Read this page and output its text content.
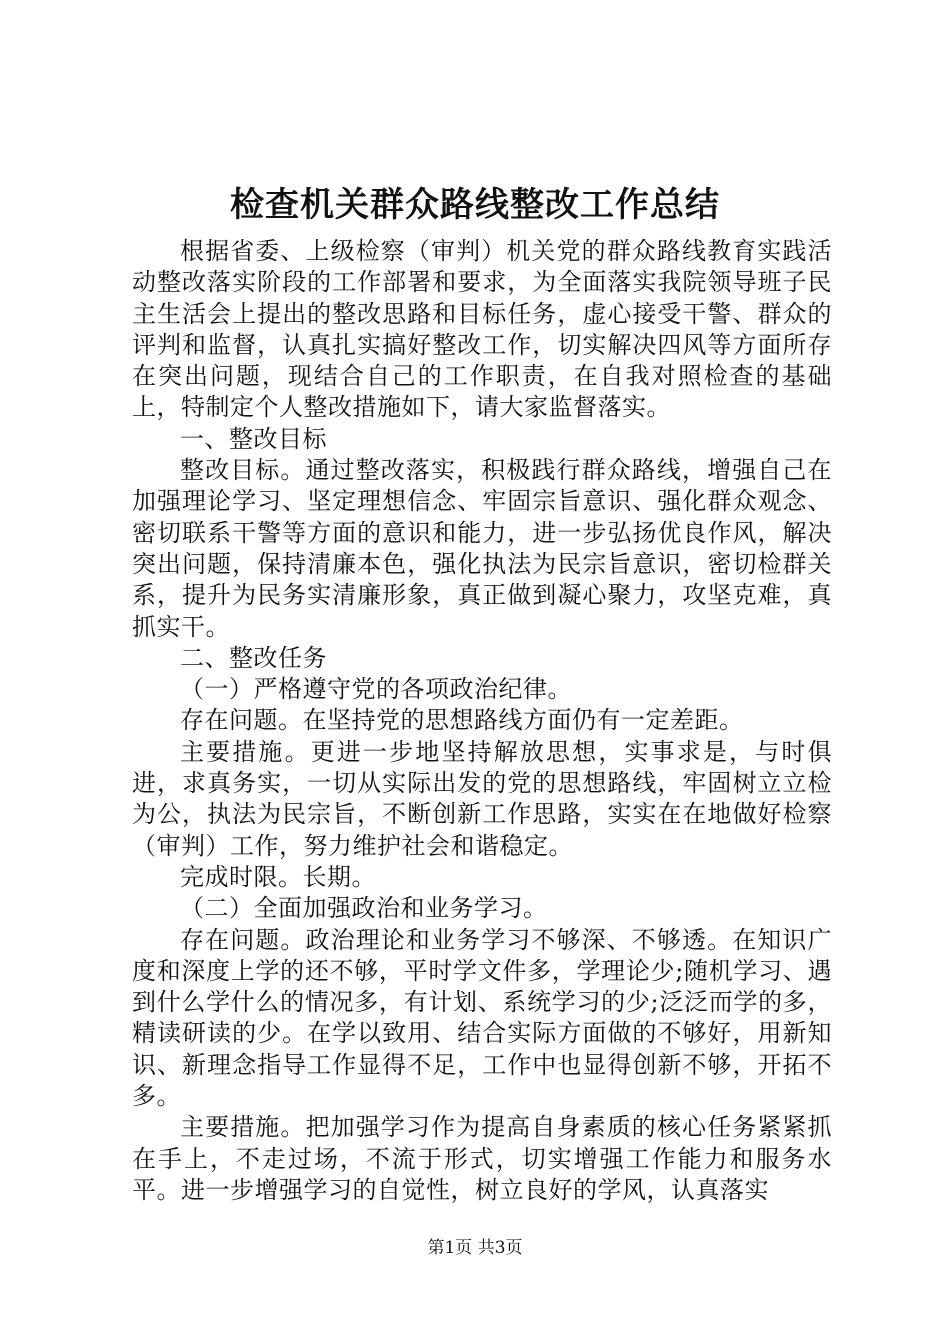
检查机关群众路线整改工作总结

根据省委、上级检察（审判）机关党的群众路线教育实践活动整改落实阶段的工作部署和要求，为全面落实我院领导班子民主生活会上提出的整改思路和目标任务，虚心接受干警、群众的评判和监督，认真扎实搞好整改工作，切实解决四风等方面所存在突出问题，现结合自己的工作职责，在自我对照检查的基础上，特制定个人整改措施如下，请大家监督落实。

一、整改目标

整改目标。通过整改落实，积极践行群众路线，增强自己在加强理论学习、坚定理想信念、牢固宗旨意识、强化群众观念、密切联系干警等方面的意识和能力，进一步弘扬优良作风，解决突出问题，保持清廉本色，强化执法为民宗旨意识，密切检群关系，提升为民务实清廉形象，真正做到凝心聚力，攻坚克难，真抓实干。

二、整改任务

（一）严格遵守党的各项政治纪律。

存在问题。在坚持党的思想路线方面仍有一定差距。

主要措施。更进一步地坚持解放思想，实事求是，与时俱进，求真务实，一切从实际出发的党的思想路线，牢固树立立检为公，执法为民宗旨，不断创新工作思路，实实在在地做好检察（审判）工作，努力维护社会和谐稳定。

完成时限。长期。

（二）全面加强政治和业务学习。

存在问题。政治理论和业务学习不够深、不够透。在知识广度和深度上学的还不够，平时学文件多，学理论少;随机学习、遇到什么学什么的情况多，有计划、系统学习的少;泛泛而学的多，精读研读的少。在学以致用、结合实际方面做的不够好，用新知识、新理念指导工作显得不足，工作中也显得创新不够，开拓不多。

主要措施。把加强学习作为提高自身素质的核心任务紧紧抓在手上，不走过场，不流于形式，切实增强工作能力和服务水平。进一步增强学习的自觉性，树立良好的学风，认真落实

第1页 共3页
